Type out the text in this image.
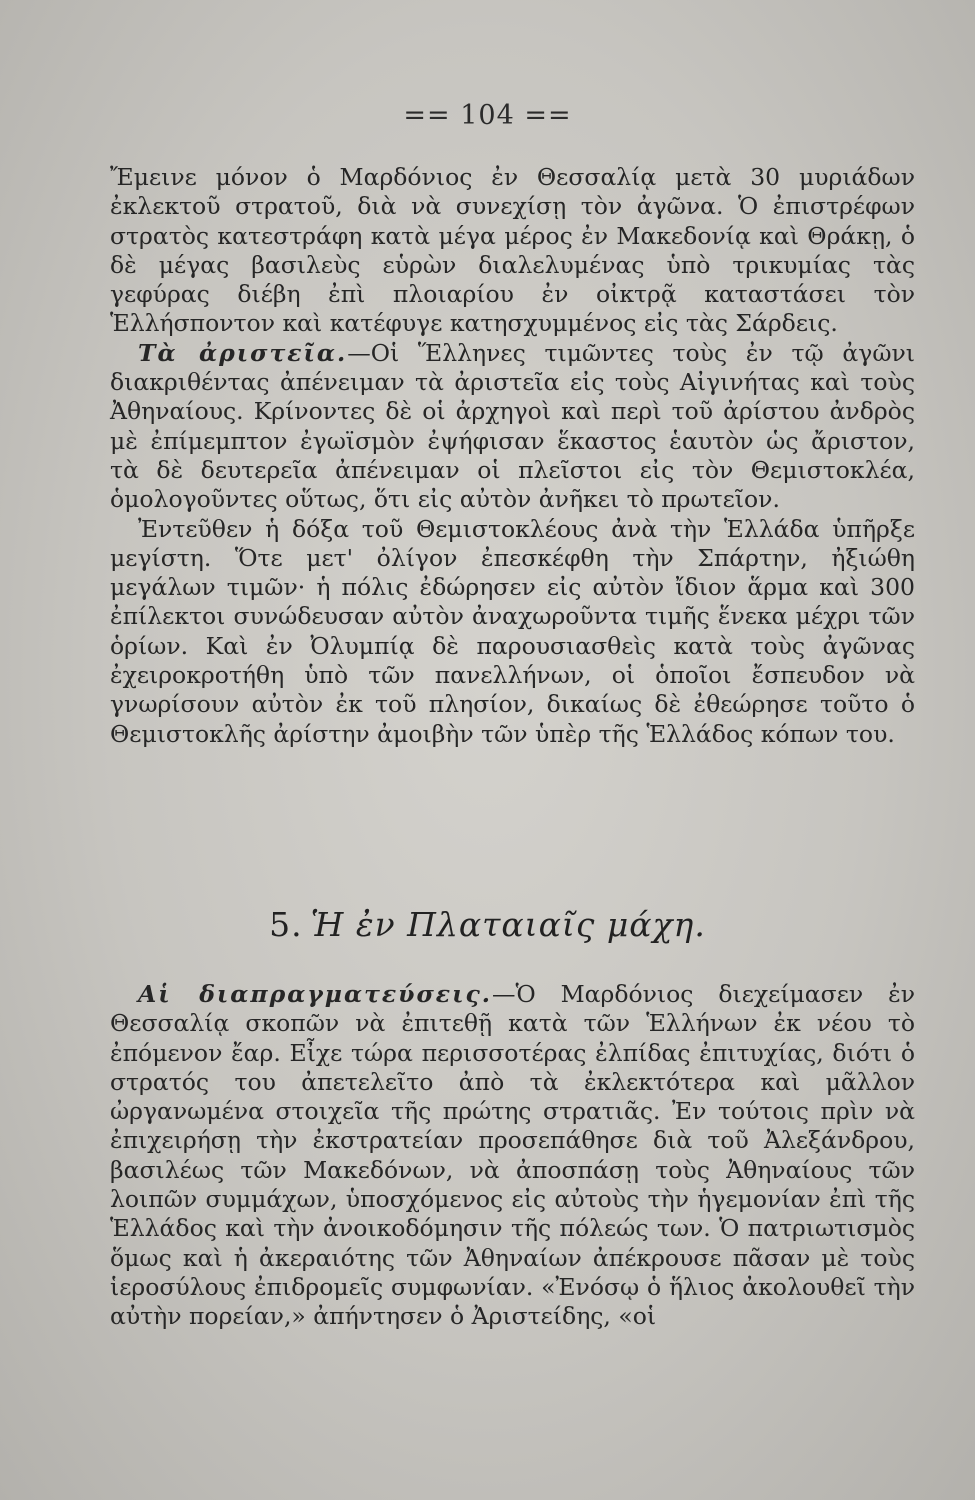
== 104 ==

Ἔμεινε μόνον ὁ Μαρδόνιος ἐν Θεσσαλίᾳ μετὰ 30 μυριάδων ἐκλεκτοῦ στρατοῦ, διὰ νὰ συνεχίσῃ τὸν ἀγῶνα. Ὁ ἐπιστρέφων στρατὸς κατεστράφη κατὰ μέγα μέρος ἐν Μακεδονίᾳ καὶ Θράκῃ, ὁ δὲ μέγας βασιλεὺς εὑρὼν διαλελυμένας ὑπὸ τρικυμίας τὰς γεφύρας διέβη ἐπὶ πλοιαρίου ἐν οἰκτρᾷ καταστάσει τὸν Ἑλλήσποντον καὶ κατέφυγε κατησχυμμένος εἰς τὰς Σάρδεις.

Τὰ ἀριστεῖα.—Οἱ Ἕλληνες τιμῶντες τοὺς ἐν τῷ ἀγῶνι διακριθέντας ἀπένειμαν τὰ ἀριστεῖα εἰς τοὺς Αἰγινήτας καὶ τοὺς Ἀθηναίους. Κρίνοντες δὲ οἱ ἀρχηγοὶ καὶ περὶ τοῦ ἀρίστου ἀνδρὸς μὲ ἐπίμεμπτον ἐγωϊσμὸν ἐψήφισαν ἕκαστος ἑαυτὸν ὡς ἄριστον, τὰ δὲ δευτερεῖα ἀπένειμαν οἱ πλεῖστοι εἰς τὸν Θεμιστοκλέα, ὁμολογοῦντες οὕτως, ὅτι εἰς αὐτὸν ἀνῆκει τὸ πρωτεῖον.

Ἐντεῦθεν ἡ δόξα τοῦ Θεμιστοκλέους ἀνὰ τὴν Ἑλλάδα ὑπῆρξε μεγίστη. Ὅτε μετ' ὀλίγον ἐπεσκέφθη τὴν Σπάρτην, ἠξιώθη μεγάλων τιμῶν· ἡ πόλις ἐδώρησεν εἰς αὐτὸν ἴδιον ἅρμα καὶ 300 ἐπίλεκτοι συνώδευσαν αὐτὸν ἀναχωροῦντα τιμῆς ἕνεκα μέχρι τῶν ὁρίων. Καὶ ἐν Ὀλυμπίᾳ δὲ παρουσιασθεὶς κατὰ τοὺς ἀγῶνας ἐχειροκροτήθη ὑπὸ τῶν πανελλήνων, οἱ ὁποῖοι ἔσπευδον νὰ γνωρίσουν αὐτὸν ἐκ τοῦ πλησίον, δικαίως δὲ ἐθεώρησε τοῦτο ὁ Θεμιστοκλῆς ἀρίστην ἀμοιβὴν τῶν ὑπὲρ τῆς Ἑλλάδος κόπων του.

5. Ἡ ἐν Πλαταιαῖς μάχη.

Αἱ διαπραγματεύσεις.—Ὁ Μαρδόνιος διεχείμασεν ἐν Θεσσαλίᾳ σκοπῶν νὰ ἐπιτεθῇ κατὰ τῶν Ἑλλήνων ἐκ νέου τὸ ἐπόμενον ἔαρ. Εἶχε τώρα περισσοτέρας ἐλπίδας ἐπιτυχίας, διότι ὁ στρατός του ἀπετελεῖτο ἀπὸ τὰ ἐκλεκτότερα καὶ μᾶλλον ὠργανωμένα στοιχεῖα τῆς πρώτης στρατιᾶς. Ἐν τούτοις πρὶν νὰ ἐπιχειρήσῃ τὴν ἐκστρατείαν προσεπάθησε διὰ τοῦ Ἀλεξάνδρου, βασιλέως τῶν Μακεδόνων, νὰ ἀποσπάσῃ τοὺς Ἀθηναίους τῶν λοιπῶν συμμάχων, ὑποσχόμενος εἰς αὐτοὺς τὴν ἡγεμονίαν ἐπὶ τῆς Ἑλλάδος καὶ τὴν ἀνοικοδόμησιν τῆς πόλεώς των. Ὁ πατριωτισμὸς ὅμως καὶ ἡ ἀκεραιότης τῶν Ἀθηναίων ἀπέκρουσε πᾶσαν μὲ τοὺς ἱεροσύλους ἐπιδρομεῖς συμφωνίαν. «Ἐνόσῳ ὁ ἥλιος ἀκολουθεῖ τὴν αὐτὴν πορείαν,» ἀπήντησεν ὁ Ἀριστείδης, «οἱ
